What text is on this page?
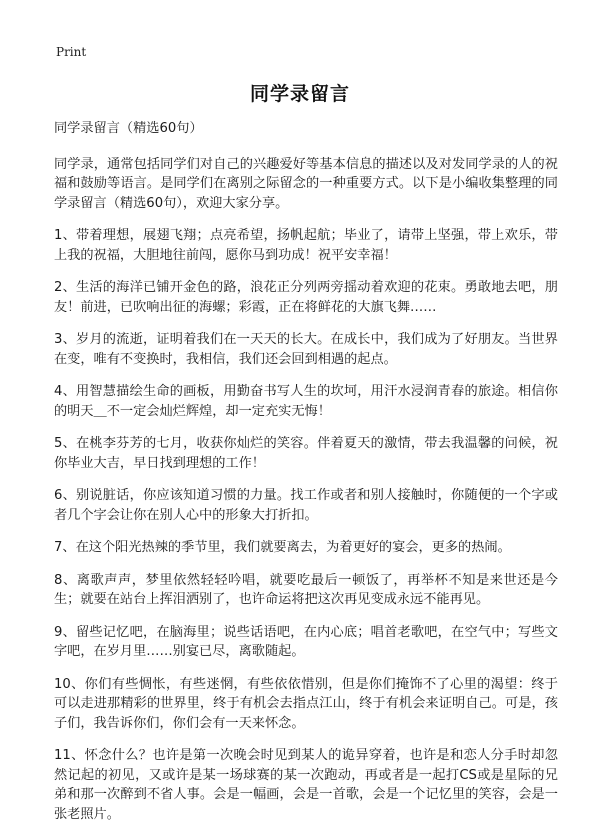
Print
同学录留言

同学录留言（精选60句）

同学录，通常包括同学们对自己的兴趣爱好等基本信息的描述以及对发同学录的人的祝福和鼓励等语言。是同学们在离别之际留念的一种重要方式。以下是小编收集整理的同学录留言（精选60句），欢迎大家分享。

1、带着理想，展翅飞翔；点亮希望，扬帆起航；毕业了，请带上坚强，带上欢乐，带上我的祝福，大胆地往前闯，愿你马到功成！祝平安幸福！

2、生活的海洋已铺开金色的路，浪花正分列两旁摇动着欢迎的花束。勇敢地去吧，朋友！前进，已吹响出征的海螺；彩霞，正在将鲜花的大旗飞舞……

3、岁月的流逝，证明着我们在一天天的长大。在成长中，我们成为了好朋友。当世界在变，唯有不变换时，我相信，我们还会回到相遇的起点。

4、用智慧描绘生命的画板，用勤奋书写人生的坎坷，用汗水浸润青春的旅途。相信你的明天＿不一定会灿烂辉煌，却一定充实无悔！

5、在桃李芬芳的七月，收获你灿烂的笑容。伴着夏天的激情，带去我温馨的问候，祝你毕业大吉，早日找到理想的工作！

6、别说脏话，你应该知道习惯的力量。找工作或者和别人接触时，你随便的一个字或者几个字会让你在别人心中的形象大打折扣。

7、在这个阳光热辣的季节里，我们就要离去，为着更好的宴会，更多的热闹。

8、离歌声声，梦里依然轻轻吟唱，就要吃最后一顿饭了，再举杯不知是来世还是今生；就要在站台上挥泪洒别了，也许命运将把这次再见变成永远不能再见。

9、留些记忆吧，在脑海里；说些话语吧，在内心底；唱首老歌吧，在空气中；写些文字吧，在岁月里……别宴已尽，离歌随起。

10、你们有些惆怅，有些迷惘，有些依依惜别，但是你们掩饰不了心里的渴望：终于可以走进那精彩的世界里，终于有机会去指点江山，终于有机会来证明自己。可是，孩子们，我告诉你们，你们会有一天来怀念。

11、怀念什么？也许是第一次晚会时见到某人的诡异穿着，也许是和恋人分手时却忽然记起的初见，又或许是某一场球赛的某一次跑动，再或者是一起打CS或是星际的兄弟和那一次醉到不省人事。会是一幅画，会是一首歌，会是一个记忆里的笑容，会是一张老照片。
